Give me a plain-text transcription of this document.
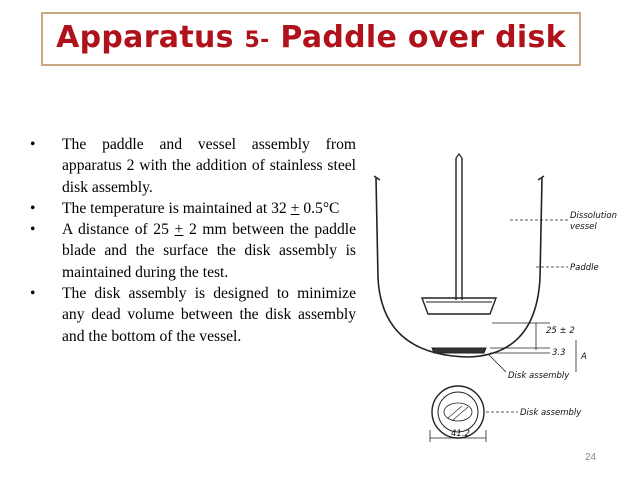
Apparatus 5- Paddle over disk
• The paddle and vessel assembly from apparatus 2 with the addition of stainless steel disk assembly.
• The temperature is maintained at 32 + 0.5°C
• A distance of 25 + 2 mm between the paddle blade and the surface the disk assembly is maintained during the test.
• The disk assembly is designed to minimize any dead volume between the disk assembly and the bottom of the vessel.
Dissolution
vessel
Paddle
25 ± 2
3.3 A
Disk assembly
Disk assembly
41.2
24
